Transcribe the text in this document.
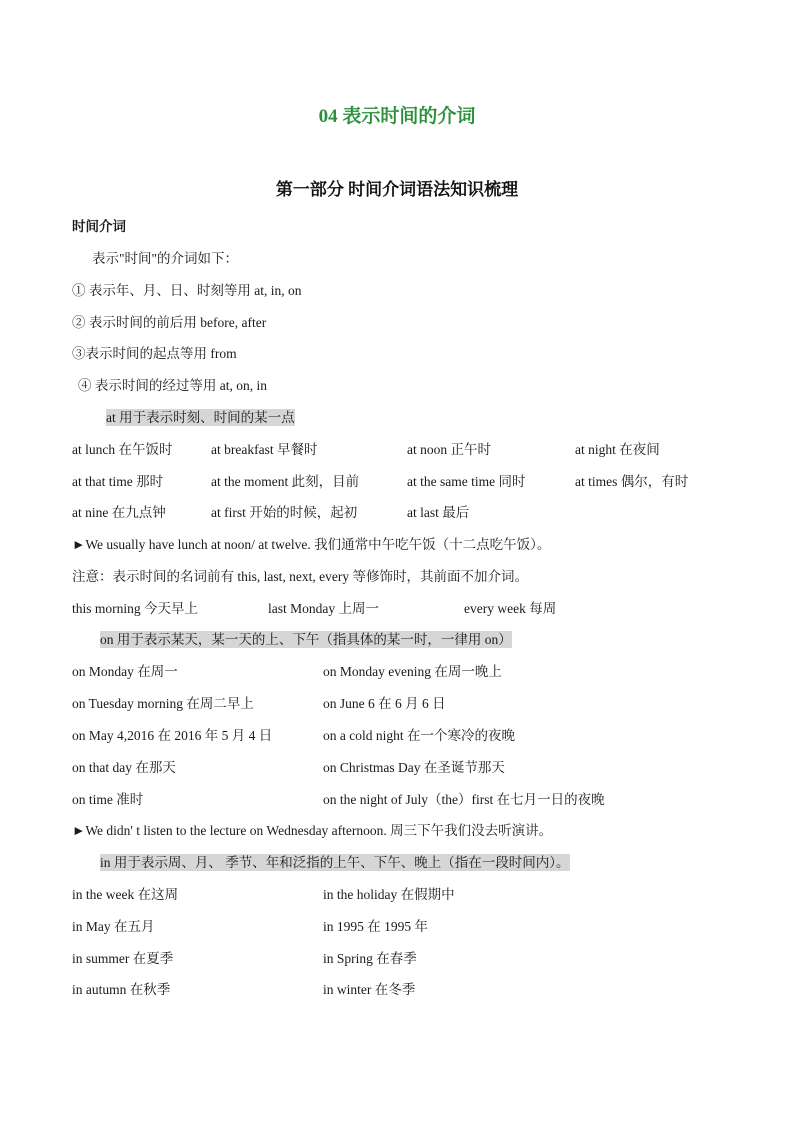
04 表示时间的介词
第一部分 时间介词语法知识梳理
时间介词
表示"时间"的介词如下：
① 表示年、月、日、时刻等用 at, in, on
② 表示时间的前后用 before, after
③表示时间的起点等用 from
④ 表示时间的经过等用 at, on, in
at 用于表示时刻、时间的某一点
at lunch 在午饭时	at breakfast 早餐时	at noon 正午时	at night 在夜间
at that time 那时	at the moment 此刻，目前	at the same time 同时	at times 偶尔，有时
at nine 在九点钟	at first 开始的时候，起初	at last 最后
►We usually have lunch at noon/ at twelve. 我们通常中午吃午饭（十二点吃午饭）。
注意：表示时间的名词前有 this, last, next, every 等修饰时，其前面不加介词。
this morning 今天早上	last Monday 上周一	every week 每周
on 用于表示某天，某一天的上、下午（指具体的某一时，一律用 on）
on Monday 在周一	on Monday evening 在周一晚上
on Tuesday morning 在周二早上	on June 6 在 6 月 6 日
on May 4,2016 在 2016 年 5 月 4 日	on a cold night 在一个寒冷的夜晚
on that day 在那天	on Christmas Day 在圣诞节那天
on time 准时	on the night of July（the）first 在七月一日的夜晚
►We didn' t listen to the lecture on Wednesday afternoon. 周三下午我们没去听演讲。
in 用于表示周、月、 季节、年和泛指的上午、下午、晚上（指在一段时间内）。
in the week 在这周	in the holiday 在假期中
in May 在五月	in 1995 在 1995 年
in summer 在夏季	in Spring 在春季
in autumn 在秋季	in winter 在冬季
